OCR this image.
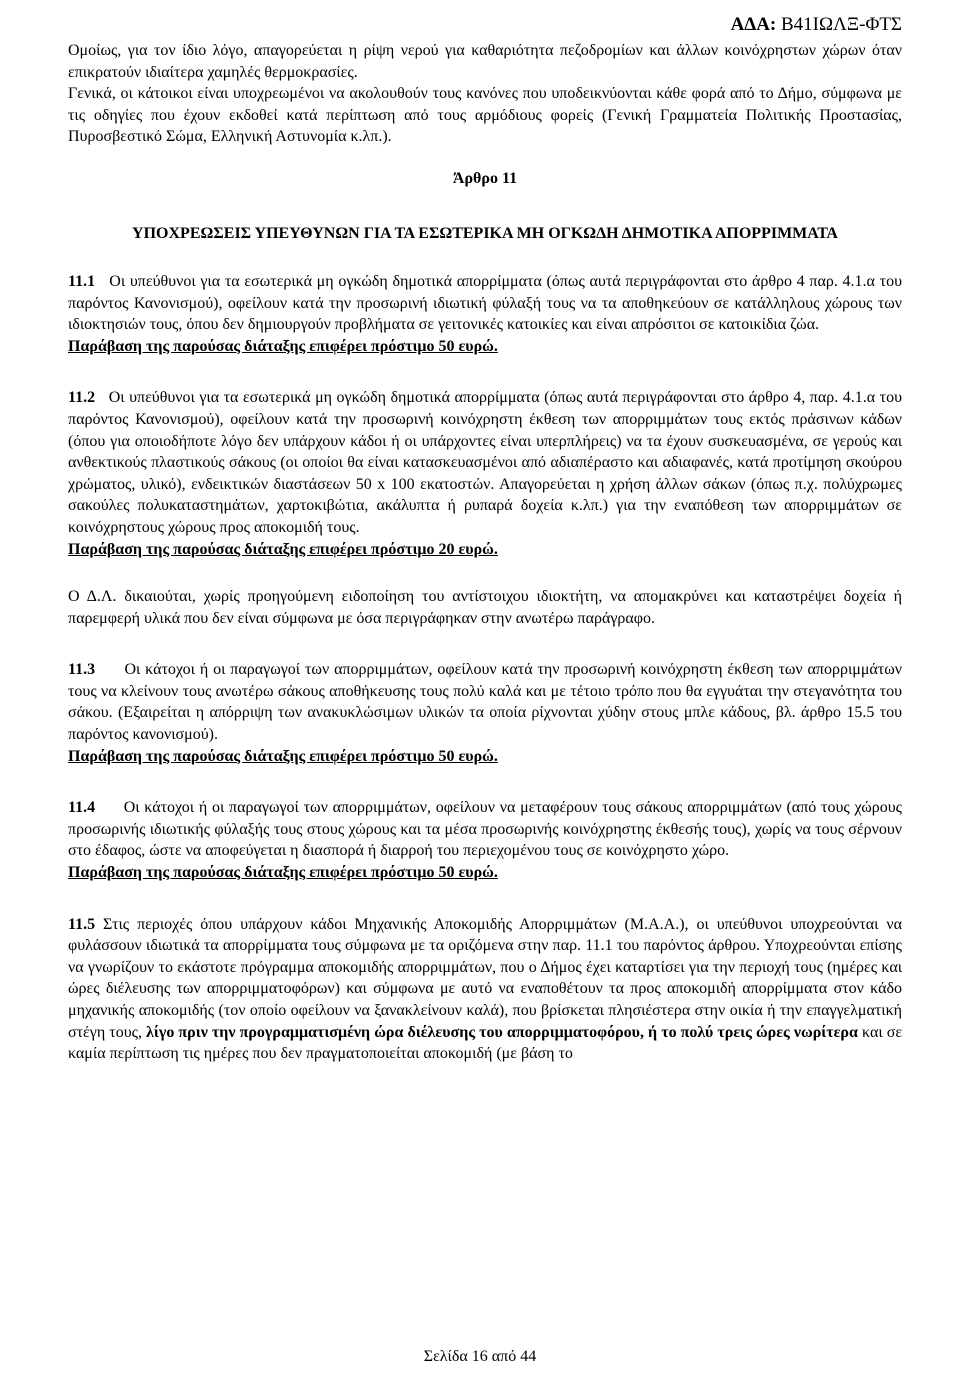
ΑΔΑ: Β41ΙΩΛΞ-ΦΤΣ

Ομοίως, για τον ίδιο λόγο, απαγορεύεται η ρίψη νερού για καθαριότητα πεζοδρομίων και άλλων κοινόχρηστων χώρων όταν επικρατούν ιδιαίτερα χαμηλές θερμοκρασίες.

Γενικά, οι κάτοικοι είναι υποχρεωμένοι να ακολουθούν τους κανόνες που υποδεικνύονται κάθε φορά από το Δήμο, σύμφωνα με τις οδηγίες που έχουν εκδοθεί κατά περίπτωση από τους αρμόδιους φορείς (Γενική Γραμματεία Πολιτικής Προστασίας, Πυροσβεστικό Σώμα, Ελληνική Αστυνομία κ.λπ.).

Άρθρο 11
ΥΠΟΧΡΕΩΣΕΙΣ ΥΠΕΥΘΥΝΩΝ ΓΙΑ ΤΑ ΕΣΩΤΕΡΙΚΑ ΜΗ ΟΓΚΩΔΗ ΔΗΜΟΤΙΚΑ ΑΠΟΡΡΙΜΜΑΤΑ

11.1 Οι υπεύθυνοι για τα εσωτερικά μη ογκώδη δημοτικά απορρίμματα (όπως αυτά περιγράφονται στο άρθρο 4 παρ. 4.1.α του παρόντος Κανονισμού), οφείλουν κατά την προσωρινή ιδιωτική φύλαξή τους να τα αποθηκεύουν σε κατάλληλους χώρους των ιδιοκτησιών τους, όπου δεν δημιουργούν προβλήματα σε γειτονικές κατοικίες και είναι απρόσιτοι σε κατοικίδια ζώα.

Παράβαση της παρούσας διάταξης επιφέρει πρόστιμο 50 ευρώ.

11.2 Οι υπεύθυνοι για τα εσωτερικά μη ογκώδη δημοτικά απορρίμματα (όπως αυτά περιγράφονται στο άρθρο 4, παρ. 4.1.α του παρόντος Κανονισμού), οφείλουν κατά την προσωρινή κοινόχρηστη έκθεση των απορριμμάτων τους εκτός πράσινων κάδων (όπου για οποιοδήποτε λόγο δεν υπάρχουν κάδοι ή οι υπάρχοντες είναι υπερπλήρεις) να τα έχουν συσκευασμένα, σε γερούς και ανθεκτικούς πλαστικούς σάκους (οι οποίοι θα είναι κατασκευασμένοι από αδιαπέραστο και αδιαφανές, κατά προτίμηση σκούρου χρώματος, υλικό), ενδεικτικών διαστάσεων 50 x 100 εκατοστών. Απαγορεύεται η χρήση άλλων σάκων (όπως π.χ. πολύχρωμες σακούλες πολυκαταστημάτων, χαρτοκιβώτια, ακάλυπτα ή ρυπαρά δοχεία κ.λπ.) για την εναπόθεση των απορριμμάτων σε κοινόχρηστους χώρους προς αποκομιδή τους.

Παράβαση της παρούσας διάταξης επιφέρει πρόστιμο 20 ευρώ.

Ο Δ.Λ. δικαιούται, χωρίς προηγούμενη ειδοποίηση του αντίστοιχου ιδιοκτήτη, να απομακρύνει και καταστρέψει δοχεία ή παρεμφερή υλικά που δεν είναι σύμφωνα με όσα περιγράφηκαν στην ανωτέρω παράγραφο.

11.3 Οι κάτοχοι ή οι παραγωγοί των απορριμμάτων, οφείλουν κατά την προσωρινή κοινόχρηστη έκθεση των απορριμμάτων τους να κλείνουν τους ανωτέρω σάκους αποθήκευσης τους πολύ καλά και με τέτοιο τρόπο που θα εγγυάται την στεγανότητα του σάκου. (Εξαιρείται η απόρριψη των ανακυκλώσιμων υλικών τα οποία ρίχνονται χύδην στους μπλε κάδους, βλ. άρθρο 15.5 του παρόντος κανονισμού).

Παράβαση της παρούσας διάταξης επιφέρει πρόστιμο 50 ευρώ.

11.4 Οι κάτοχοι ή οι παραγωγοί των απορριμμάτων, οφείλουν να μεταφέρουν τους σάκους απορριμμάτων (από τους χώρους προσωρινής ιδιωτικής φύλαξής τους στους χώρους και τα μέσα προσωρινής κοινόχρηστης έκθεσής τους), χωρίς να τους σέρνουν στο έδαφος, ώστε να αποφεύγεται η διασπορά ή διαρροή του περιεχομένου τους σε κοινόχρηστο χώρο.

Παράβαση της παρούσας διάταξης επιφέρει πρόστιμο 50 ευρώ.

11.5 Στις περιοχές όπου υπάρχουν κάδοι Μηχανικής Αποκομιδής Απορριμμάτων (Μ.Α.Α.), οι υπεύθυνοι υποχρεούνται να φυλάσσουν ιδιωτικά τα απορρίμματα τους σύμφωνα με τα οριζόμενα στην παρ. 11.1 του παρόντος άρθρου. Υποχρεούνται επίσης να γνωρίζουν το εκάστοτε πρόγραμμα αποκομιδής απορριμμάτων, που ο Δήμος έχει καταρτίσει για την περιοχή τους (ημέρες και ώρες διέλευσης των απορριμματοφόρων) και σύμφωνα με αυτό να εναποθέτουν τα προς αποκομιδή απορρίμματα στον κάδο μηχανικής αποκομιδής (τον οποίο οφείλουν να ξανακλείνουν καλά), που βρίσκεται πλησιέστερα στην οικία ή την επαγγελματική στέγη τους, λίγο πριν την προγραμματισμένη ώρα διέλευσης του απορριμματοφόρου, ή το πολύ τρεις ώρες νωρίτερα και σε καμία περίπτωση τις ημέρες που δεν πραγματοποιείται αποκομιδή (με βάση το

Σελίδα 16 από 44
